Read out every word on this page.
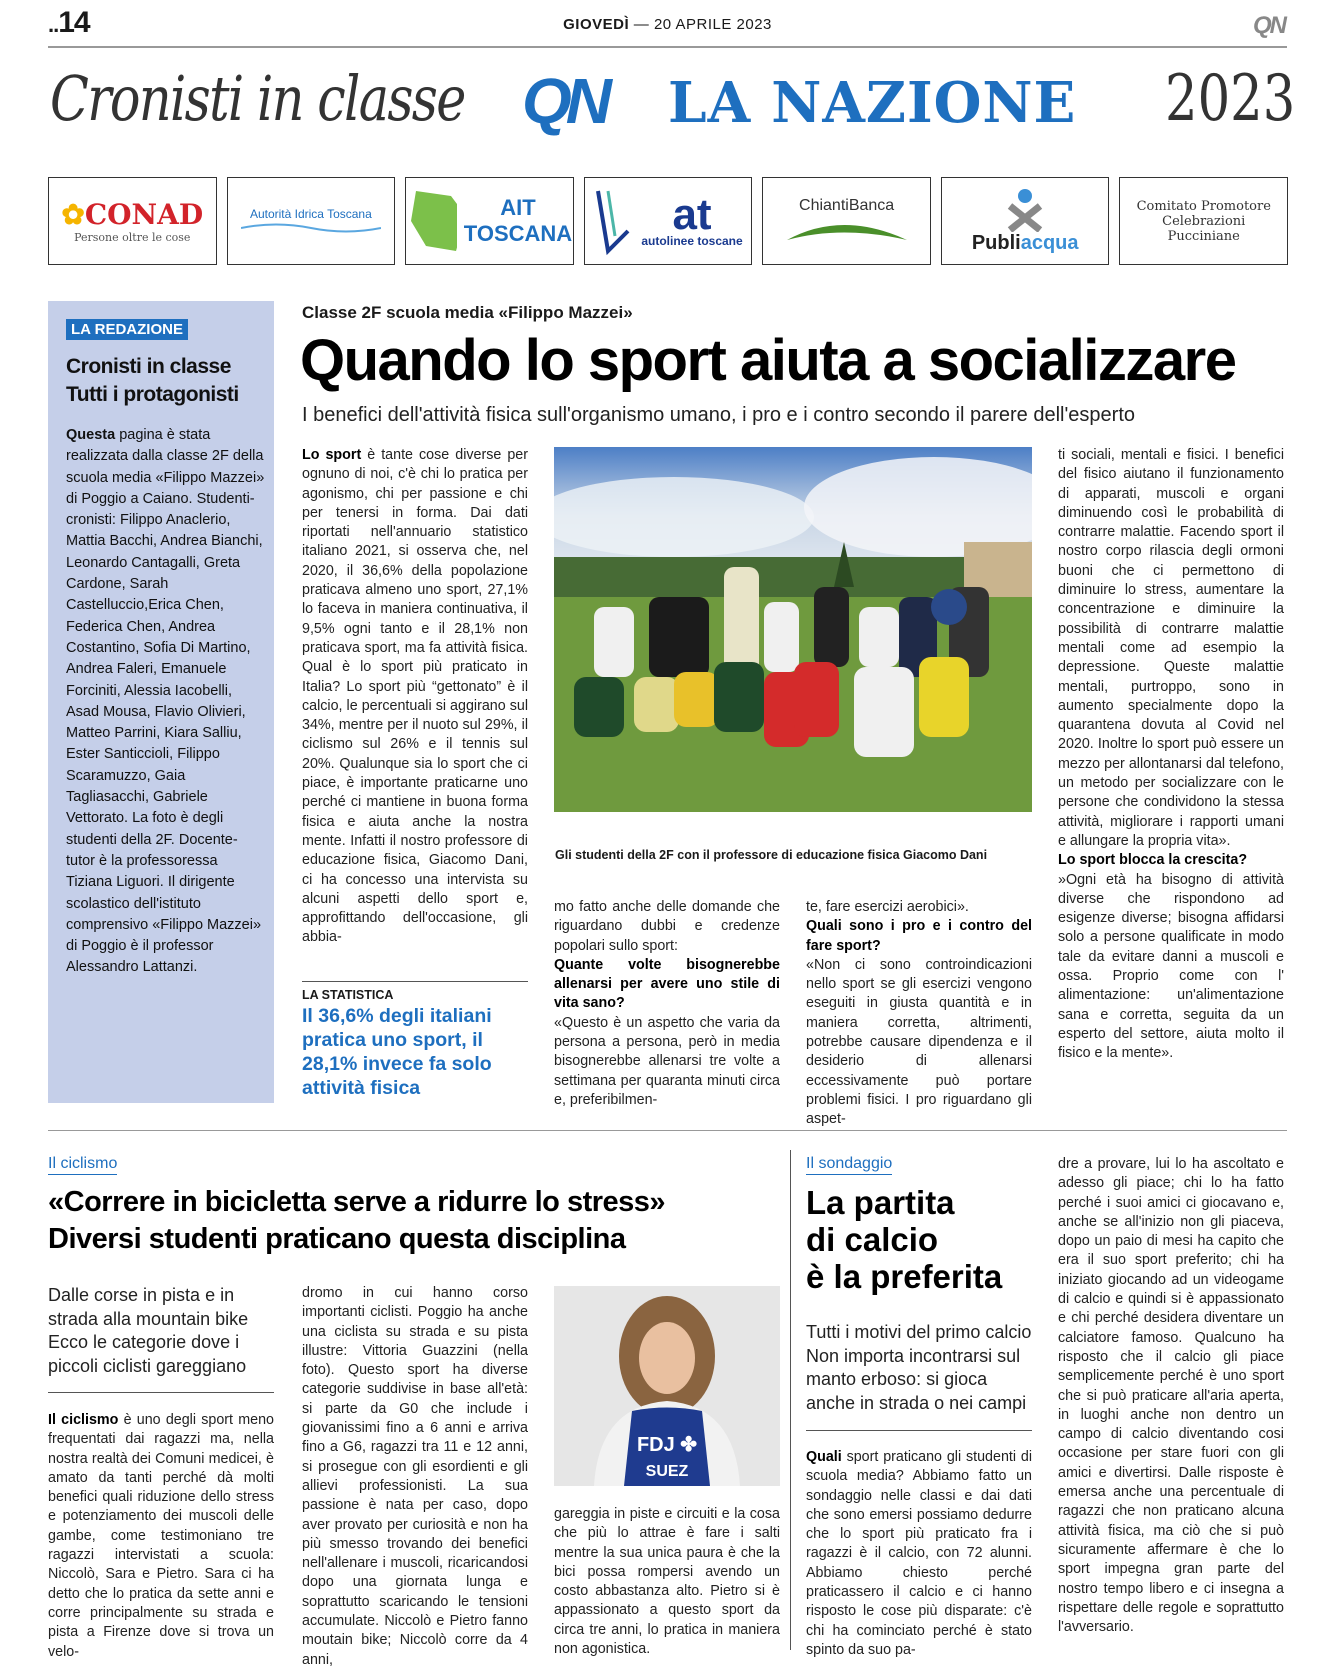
..14	GIOVEDÌ — 20 APRILE 2023	QN
Cronisti in classe QN LA NAZIONE 2023
✿CONAD
Persone oltre le cose
Autorità Idrica Toscana	AIT TOSCANA	at
autolinee toscane
ChiantiBanca
Publiacqua
Comitato Promotore Celebrazioni Pucciniane
LA REDAZIONE
Cronisti in classe
Tutti i protagonisti
Questa pagina è stata realizzata dalla classe 2F della scuola media «Filippo Mazzei» di Poggio a Caiano. Studenti-cronisti: Filippo Anaclerio, Mattia Bacchi, Andrea Bianchi, Leonardo Cantagalli, Greta Cardone, Sarah Castelluccio,Erica Chen, Federica Chen, Andrea Costantino, Sofia Di Martino, Andrea Faleri, Emanuele Forciniti, Alessia Iacobelli, Asad Mousa, Flavio Olivieri, Matteo Parrini, Kiara Salliu, Ester Santiccioli, Filippo Scaramuzzo, Gaia Tagliasacchi, Gabriele Vettorato. La foto è degli studenti della 2F. Docente-tutor è la professoressa Tiziana Liguori. Il dirigente scolastico dell'istituto comprensivo «Filippo Mazzei» di Poggio è il professor Alessandro Lattanzi.
Classe 2F scuola media «Filippo Mazzei»
Quando lo sport aiuta a socializzare
I benefici dell'attività fisica sull'organismo umano, i pro e i contro secondo il parere dell'esperto
Lo sport è tante cose diverse per ognuno di noi, c'è chi lo pratica per agonismo, chi per passione e chi per tenersi in forma. Dai dati riportati nell'annuario statistico italiano 2021, si osserva che, nel 2020, il 36,6% della popolazione praticava almeno uno sport, 27,1% lo faceva in maniera continuativa, il 9,5% ogni tanto e il 28,1% non praticava sport, ma fa attività fisica. Qual è lo sport più praticato in Italia? Lo sport più “gettonato” è il calcio, le percentuali si aggirano sul 34%, mentre per il nuoto sul 29%, il ciclismo sul 26% e il tennis sul 20%. Qualunque sia lo sport che ci piace, è importante praticarne uno perché ci mantiene in buona forma fisica e aiuta anche la nostra mente. Infatti il nostro professore di educazione fisica, Giacomo Dani, ci ha concesso una intervista su alcuni aspetti dello sport e, approfittando dell'occasione, gli abbia-
Gli studenti della 2F con il professore di educazione fisica Giacomo Dani
mo fatto anche delle domande che riguardano dubbi e credenze popolari sullo sport:
Quante volte bisognerebbe allenarsi per avere uno stile di vita sano?
«Questo è un aspetto che varia da persona a persona, però in media bisognerebbe allenarsi tre volte a settimana per quaranta minuti circa e, preferibilmen-
te, fare esercizi aerobici».
Quali sono i pro e i contro del fare sport?
«Non ci sono controindicazioni nello sport se gli esercizi vengono eseguiti in giusta quantità e in maniera corretta, altrimenti, potrebbe causare dipendenza e il desiderio di allenarsi eccessivamente può portare problemi fisici. I pro riguardano gli aspet-
ti sociali, mentali e fisici. I benefici del fisico aiutano il funzionamento di apparati, muscoli e organi diminuendo così le probabilità di contrarre malattie. Facendo sport il nostro corpo rilascia degli ormoni buoni che ci permettono di diminuire lo stress, aumentare la concentrazione e diminuire la possibilità di contrarre malattie mentali come ad esempio la depressione. Queste malattie mentali, purtroppo, sono in aumento specialmente dopo la quarantena dovuta al Covid nel 2020. Inoltre lo sport può essere un mezzo per allontanarsi dal telefono, un metodo per socializzare con le persone che condividono la stessa attività, migliorare i rapporti umani e allungare la propria vita».
Lo sport blocca la crescita?
»Ogni età ha bisogno di attività diverse che rispondono ad esigenze diverse; bisogna affidarsi solo a persone qualificate in modo tale da evitare danni a muscoli e ossa. Proprio come con l' alimentazione: un'alimentazione sana e corretta, seguita da un esperto del settore, aiuta molto il fisico e la mente».
LA STATISTICA
Il 36,6% degli italiani pratica uno sport, il 28,1% invece fa solo attività fisica
Il ciclismo
«Correre in bicicletta serve a ridurre lo stress»
Diversi studenti praticano questa disciplina
Dalle corse in pista e in strada alla mountain bike Ecco le categorie dove i piccoli ciclisti gareggiano
Il ciclismo è uno degli sport meno frequentati dai ragazzi ma, nella nostra realtà dei Comuni medicei, è amato da tanti perché dà molti benefici quali riduzione dello stress e potenziamento dei muscoli delle gambe, come testimoniano tre ragazzi intervistati a scuola: Niccolò, Sara e Pietro. Sara ci ha detto che lo pratica da sette anni e corre principalmente su strada e pista a Firenze dove si trova un velo-
dromo in cui hanno corso importanti ciclisti. Poggio ha anche una ciclista su strada e su pista illustre: Vittoria Guazzini (nella foto). Questo sport ha diverse categorie suddivise in base all'età: si parte da G0 che include i giovanissimi fino a 6 anni e arriva fino a G6, ragazzi tra 11 e 12 anni, si prosegue con gli esordienti e gli allievi professionisti. La sua passione è nata per caso, dopo aver provato per curiosità e non ha più smesso trovando dei benefici nell'allenare i muscoli, ricaricandosi dopo una giornata lunga e soprattutto scaricando le tensioni accumulate. Niccolò e Pietro fanno moutain bike; Niccolò corre da 4 anni,
FDJ ✤
SUEZ
gareggia in piste e circuiti e la cosa che più lo attrae è fare i salti mentre la sua unica paura è che la bici possa rompersi avendo un costo abbastanza alto. Pietro si è appassionato a questo sport da circa tre anni, lo pratica in maniera non agonistica.
Il sondaggio
La partita
di calcio
è la preferita
Tutti i motivi del primo calcio Non importa incontrarsi sul manto erboso: si gioca anche in strada o nei campi
Quali sport praticano gli studenti di scuola media? Abbiamo fatto un sondaggio nelle classi e dai dati che sono emersi possiamo dedurre che lo sport più praticato fra i ragazzi è il calcio, con 72 alunni. Abbiamo chiesto perché praticassero il calcio e ci hanno risposto le cose più disparate: c'è chi ha cominciato perché è stato spinto da suo pa-
dre a provare, lui lo ha ascoltato e adesso gli piace; chi lo ha fatto perché i suoi amici ci giocavano e, anche se all'inizio non gli piaceva, dopo un paio di mesi ha capito che era il suo sport preferito; chi ha iniziato giocando ad un videogame di calcio e quindi si è appassionato e chi perché desidera diventare un calciatore famoso. Qualcuno ha risposto che il calcio gli piace semplicemente perché è uno sport che si può praticare all'aria aperta, in luoghi anche non dentro un campo di calcio diventando cosi occasione per stare fuori con gli amici e divertirsi. Dalle risposte è emersa anche una percentuale di ragazzi che non praticano alcuna attività fisica, ma ciò che si può sicuramente affermare è che lo sport impegna gran parte del nostro tempo libero e ci insegna a rispettare delle regole e soprattutto l'avversario.
